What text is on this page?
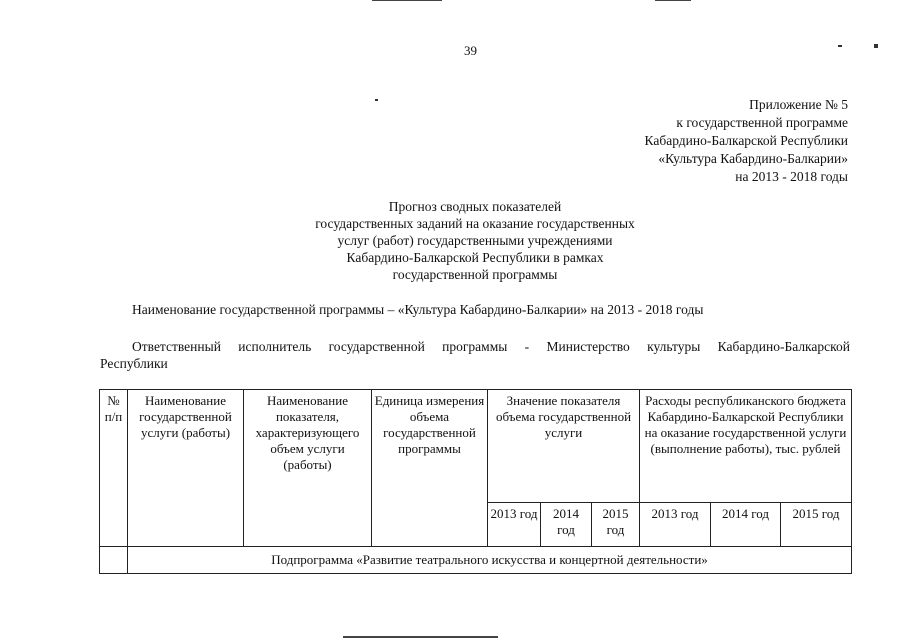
39
Приложение № 5
к государственной программе
Кабардино-Балкарской Республики
«Культура Кабардино-Балкарии»
на 2013 - 2018 годы
Прогноз сводных показателей
государственных заданий на оказание государственных
услуг (работ) государственными учреждениями
Кабардино-Балкарской Республики в рамках
государственной программы
Наименование государственной программы – «Культура Кабардино-Балкарии» на 2013 - 2018 годы
Ответственный исполнитель государственной программы - Министерство культуры Кабардино-Балкарской
Республики
№ п/п	Наименование государственной услуги (работы)	Наименование показателя, характеризующего объем услуги (работы)	Единица измерения объема государственной программы	Значение показателя объема государственной услуги			Расходы республиканского бюджета Кабардино-Балкарской Республики на оказание государственной услуги (выполнение работы), тыс. рублей		
				2013 год	2014 год	2015 год	2013 год	2014 год	2015 год
	Подпрограмма «Развитие театрального искусства и концертной деятельности»								
